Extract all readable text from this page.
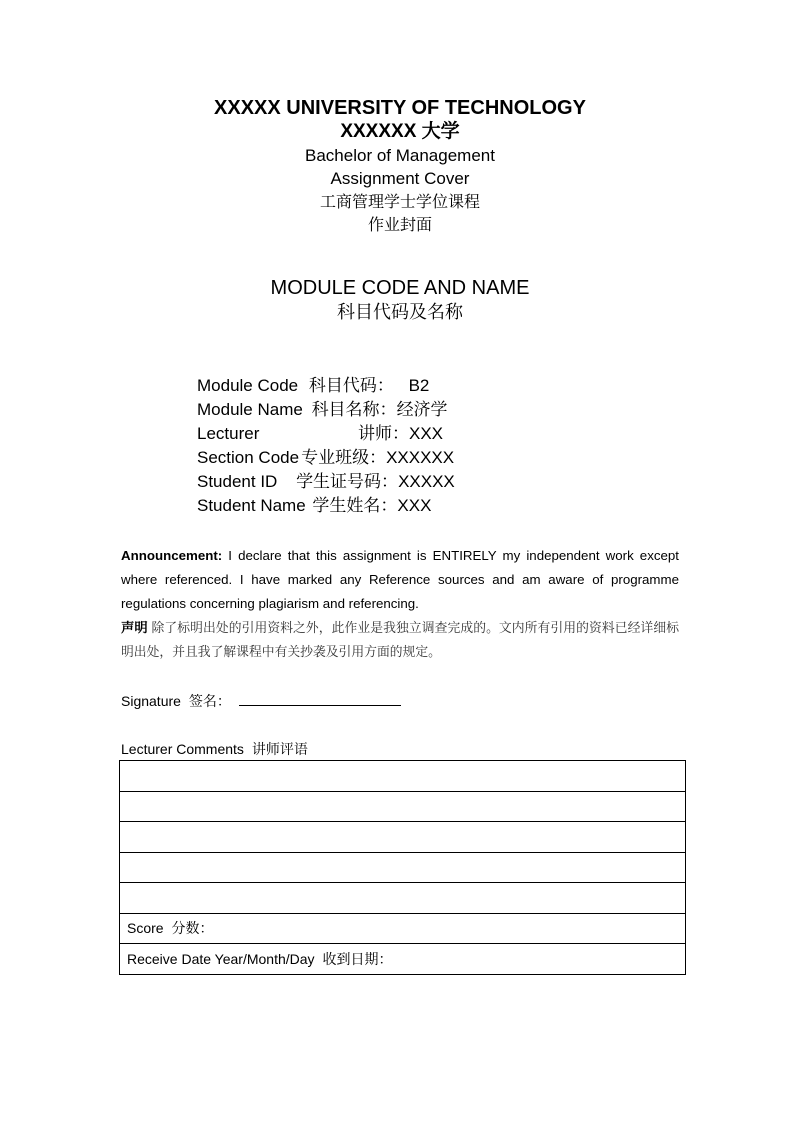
XXXXX UNIVERSITY OF TECHNOLOGY
XXXXXX 大学
Bachelor of Management
Assignment Cover
工商管理学士学位课程
作业封面
MODULE CODE AND NAME
科目代码及名称
Module Code 科目代码： B2
Module Name 科目名称：经济学
Lecturer	讲师：XXX
Section Code 专业班级：XXXXXX
Student ID 学生证号码：XXXXX
Student Name 学生姓名：XXX

Announcement: I declare that this assignment is ENTIRELY my independent work except where referenced. I have marked any Reference sources and am aware of programme regulations concerning plagiarism and referencing.

声明 除了标明出处的引用资料之外，此作业是我独立调查完成的。文内所有引用的资料已经详细标明出处，并且我了解课程中有关抄袭及引用方面的规定。

Signature 签名：
Lecturer Comments 讲师评语

Score 分数：
Receive Date Year/Month/Day 收到日期：
